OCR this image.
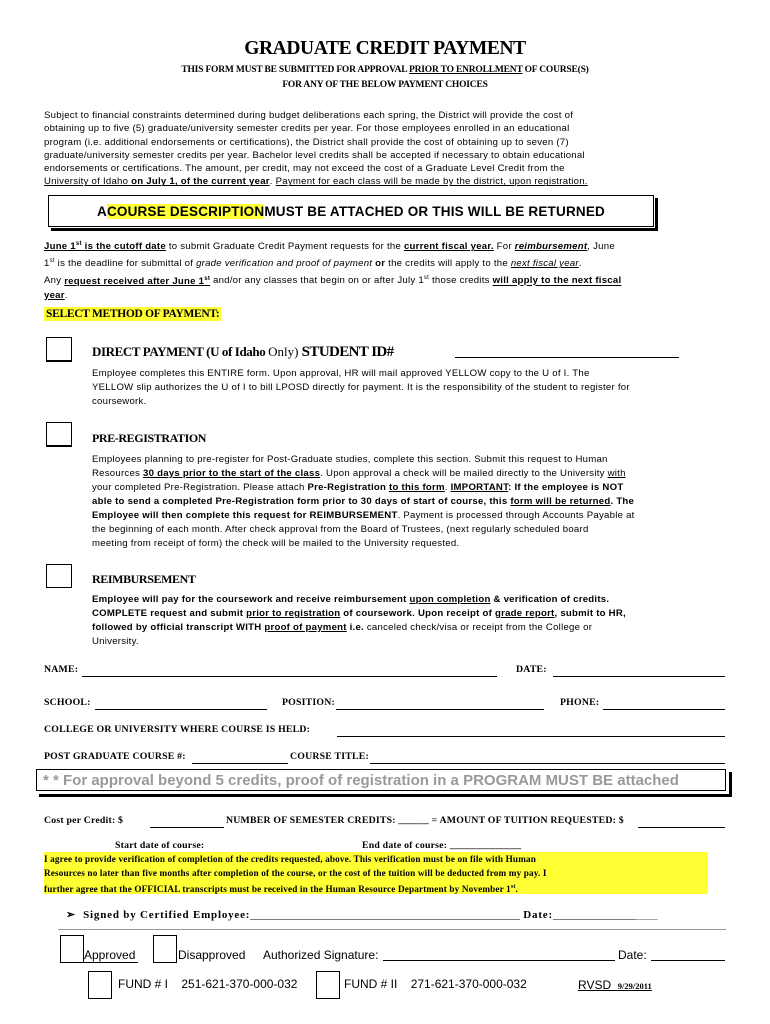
GRADUATE CREDIT PAYMENT
THIS FORM MUST BE SUBMITTED FOR APPROVAL PRIOR TO ENROLLMENT OF COURSE(S)
FOR ANY OF THE BELOW PAYMENT CHOICES
Subject to financial constraints determined during budget deliberations each spring, the District will provide the cost of
obtaining up to five (5) graduate/university semester credits per year. For those employees enrolled in an educational
program (i.e. additional endorsements or certifications), the District shall provide the cost of obtaining up to seven (7)
graduate/university semester credits per year. Bachelor level credits shall be accepted if necessary to obtain educational
endorsements or certifications. The amount, per credit, may not exceed the cost of a Graduate Level Credit from the
University of Idaho on July 1, of the current year. Payment for each class will be made by the district, upon registration.
A COURSE DESCRIPTION MUST BE ATTACHED OR THIS WILL BE RETURNED
June 1st is the cutoff date to submit Graduate Credit Payment requests for the current fiscal year. For reimbursement, June
1st is the deadline for submittal of grade verification and proof of payment or the credits will apply to the next fiscal year.
Any request received after June 1st and/or any classes that begin on or after July 1st those credits will apply to the next fiscal
year.
SELECT METHOD OF PAYMENT:
DIRECT PAYMENT (U of Idaho Only) STUDENT ID#
Employee completes this ENTIRE form. Upon approval, HR will mail approved YELLOW copy to the U of I. The
YELLOW slip authorizes the U of I to bill LPOSD directly for payment. It is the responsibility of the student to register for
coursework.
PRE-REGISTRATION
Employees planning to pre-register for Post-Graduate studies, complete this section. Submit this request to Human
Resources 30 days prior to the start of the class. Upon approval a check will be mailed directly to the University with
your completed Pre-Registration. Please attach Pre-Registration to this form. IMPORTANT: If the employee is NOT
able to send a completed Pre-Registration form prior to 30 days of start of course, this form will be returned. The
Employee will then complete this request for REIMBURSEMENT. Payment is processed through Accounts Payable at
the beginning of each month. After check approval from the Board of Trustees, (next regularly scheduled board
meeting from receipt of form) the check will be mailed to the University requested.
REIMBURSEMENT
Employee will pay for the coursework and receive reimbursement upon completion & verification of credits.
COMPLETE request and submit prior to registration of coursework. Upon receipt of grade report, submit to HR,
followed by official transcript WITH proof of payment i.e. canceled check/visa or receipt from the College or
University.
NAME:	DATE:
SCHOOL:	POSITION:	PHONE:
COLLEGE OR UNIVERSITY WHERE COURSE IS HELD:
POST GRADUATE COURSE #:	COURSE TITLE:
* * For approval beyond 5 credits, proof of registration in a PROGRAM MUST BE attached
Cost per Credit: $	NUMBER OF SEMESTER CREDITS: ______ = AMOUNT OF TUITION REQUESTED: $
Start date of course:	End date of course: ______________
I agree to provide verification of completion of the credits requested, above. This verification must be on file with Human
Resources no later than five months after completion of the course, or the cost of the tuition will be deducted from my pay. I
further agree that the OFFICIAL transcripts must be received in the Human Resource Department by November 1st.
➢ Signed by Certified Employee:_________________________________________________ Date:___________________
Approved	Disapproved Authorized Signature:	Date:
FUND # I 251-621-370-000-032	FUND # II 271-621-370-000-032	RVSD 9/29/2011
